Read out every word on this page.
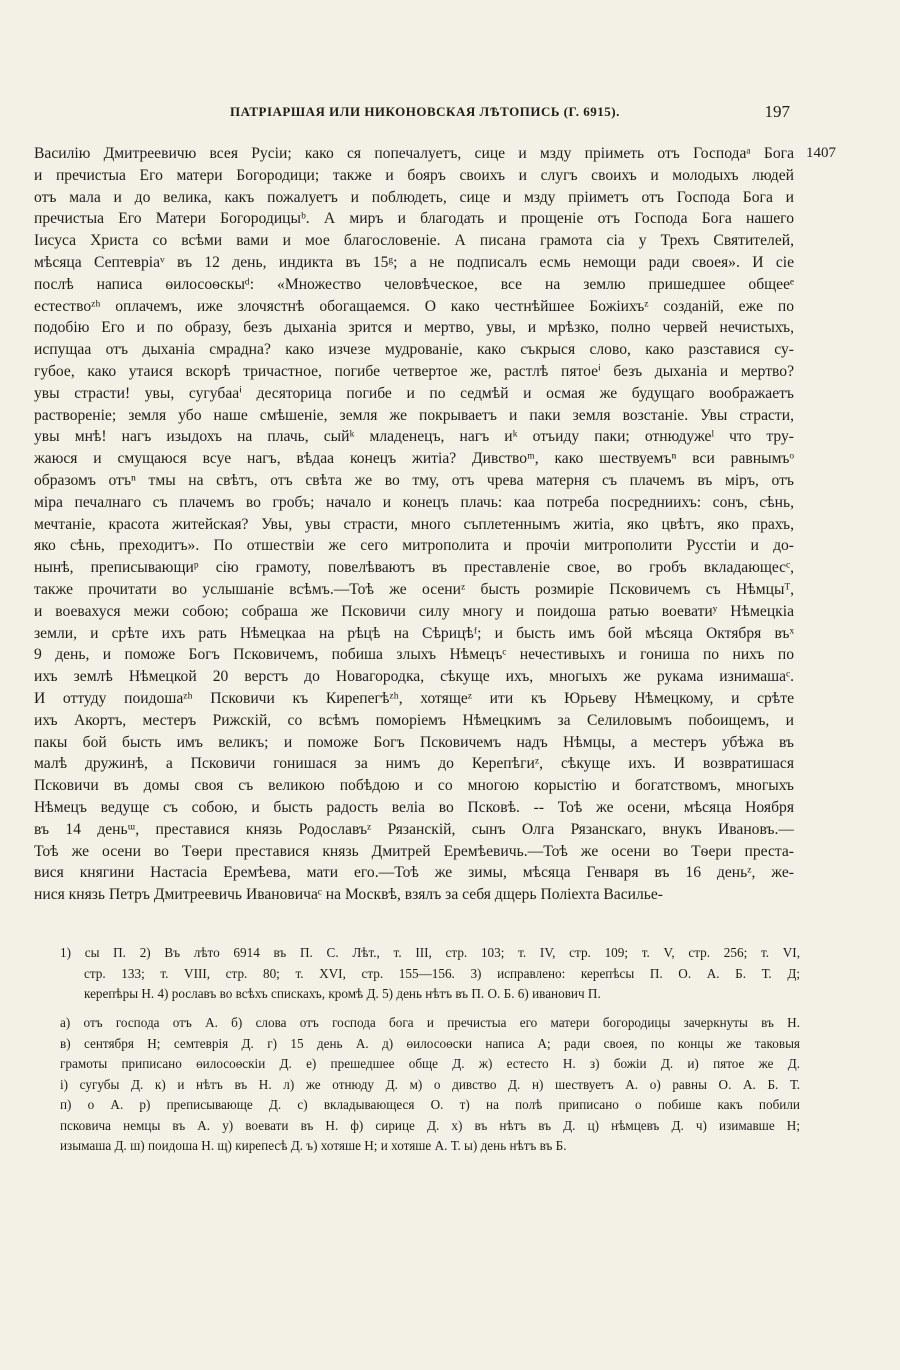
ПАТРІАРШАЯ ИЛИ НИКОНОВСКАЯ ЛѢТОПИСЬ (Г. 6915).	197
1407
Василію Дмитреевичю всея Русіи; како ся попечалуетъ, сице и мзду пріиметь отъ Господаᵃ Бога
и пречистыа Его матери Богородици; также и бояръ своихъ и слугъ своихъ и молодыхъ людей
отъ мала и до велика, какъ пожалуетъ и поблюдеть, сице и мзду пріиметъ отъ Господа Бога и
пречистыа Его Матери Богородицыᵇ. А миръ и благодать и прощеніе отъ Господа Бога нашего
Іисуса Христа со всѣми вами и мое благословеніе. А писана грамота сіа у Трехъ Святителей,
мѣсяца Септевріаᵛ въ 12 день, индикта въ 15ᵍ; а не подписалъ есмь немощи ради своея». И сіе
послѣ написа ѳилосоѳскыᵈ: «Множество человѣческое, все на землю пришедшее общееᵉ
естествоᶻʰ оплачемъ, иже злочястнѣ обогащаемся. О како честнѣйшее Божіихъᶻ созданій, еже по
подобію Его и по образу, безъ дыханіа зрится и мертво, увы, и мрѣзко, полно червей нечистыхъ,
испущаа отъ дыханіа смрадна? како изчезе мудрованіе, како съкрыся слово, како разставися су-
губое, како утаися вскорѣ тричастное, погибе четвертое же, растлѣ пятоеⁱ безъ дыханіа и мертво?
увы страсти! увы, сугубааⁱ десяторица погибе и по седмѣй и осмая же будущаго воображаетъ
раствореніе; земля убо наше смѣшеніе, земля же покрываетъ и паки земля возстаніе. Увы страсти,
увы мнѣ! нагъ изыдохъ на плачь, сыйᵏ младенецъ, нагъ иᵏ отъиду паки; отнюдужеˡ что тру-
жаюся и смущаюся всуе нагъ, вѣдаа конецъ житіа? Дивствоᵐ, како шествуемъⁿ вси равнымъᵒ
образомъ отъⁿ тмы на свѣтъ, отъ свѣта же во тму, отъ чрева матерня съ плачемъ въ міръ, отъ
міра печалнаго съ плачемъ во гробъ; начало и конецъ плачь: каа потреба посредниихъ: сонъ, сѣнь,
мечтаніе, красота житейская? Увы, увы страсти, много съплетеннымъ житіа, яко цвѣтъ, яко прахъ,
яко сѣнь, преходитъ». По отшествіи же сего митрополита и прочіи митрополити Русстіи и до-
нынѣ, преписывающиᵖ сію грамоту, повелѣваютъ въ преставленіе свое, во гробъ вкладающесᶜ,
также прочитати во услышаніе всѣмъ.—Тоѣ же осениᶻ бысть розмиріе Псковичемъ съ Нѣмцыᵀ,
и воевахуся межи собою; собраша же Псковичи силу многу и поидоша ратью воеватиʸ Нѣмецкіа
земли, и срѣте ихъ рать Нѣмецкаа на рѣцѣ на Сѣрицѣᶠ; и бысть имъ бой мѣсяца Октября въˣ
9 день, и поможе Богъ Псковичемъ, побиша злыхъ Нѣмецъᶜ нечестивыхъ и гониша по нихъ по
ихъ землѣ Нѣмецкой 20 верстъ до Новагородка, сѣкуще ихъ, многыхъ же рукама изнимашаᶜ.
И оттуду поидошаᶻʰ Псковичи къ Кирепегѣᶻʰ, хотящеᶻ ити къ Юрьеву Нѣмецкому, и срѣте
ихъ Акортъ, местеръ Рижскій, со всѣмъ поморіемъ Нѣмецкимъ за Селиловымъ побоищемъ, и
пакы бой бысть имъ великъ; и поможе Богъ Псковичемъ надъ Нѣмцы, а местеръ убѣжа въ
малѣ дружинѣ, а Псковичи гонишася за нимъ до Керепѣгиᶻ, сѣкуще ихъ. И возвратишася
Псковичи въ домы своя съ великою побѣдою и со многою корыстію и богатствомъ, многыхъ
Нѣмецъ ведуще съ собою, и бысть радость веліа во Псковѣ. -- Тоѣ же осени, мѣсяца Ноября
въ 14 деньᵚ, преставися князь Родославъᶻ Рязанскій, сынъ Олга Рязанскаго, внукъ Ивановъ.—
Тоѣ же осени во Тѳери преставися князь Дмитрей Еремѣевичь.—Тоѣ же осени во Тѳери преста-
вися княгини Настасіа Еремѣева, мати его.—Тоѣ же зимы, мѣсяца Генваря въ 16 деньᶻ, же-
нися князь Петръ Дмитреевичь Ивановичаᶜ на Москвѣ, взялъ за себя дщерь Поліехта Василье-
1) сы П. 2) Въ лѣто 6914 въ П. С. Лѣт., т. III, стр. 103; т. IV, стр. 109; т. V, стр. 256; т. VI,
стр. 133; т. VIII, стр. 80; т. XVI, стр. 155—156. 3) исправлено: керепѣсы П. О. А. Б. Т. Д;
керепѣры Н. 4) рославъ во всѣхъ спискахъ, кромѣ Д. 5) день нѣтъ въ П. О. Б. 6) иванович П.
а) отъ господа отъ А. б) слова отъ господа бога и пречистыа его матери богородицы зачеркнуты въ Н.
в) сентября Н; семтеврія Д. г) 15 день А. д) ѳилосоѳски написа А; ради своея, по концы же таковыя
грамоты приписано ѳилосоѳскіи Д. е) прешедшее обще Д. ж) естесто Н. з) божіи Д. и) пятое же Д.
і) сугубы Д. к) и нѣтъ въ Н. л) же отнюду Д. м) о дивство Д. н) шествуетъ А. о) равны О. А. Б. Т.
п) о А. р) преписывающе Д. с) вкладывающеся О. т) на полѣ приписано о побише какъ побили
псковича немцы въ А. у) воевати въ Н. ф) сирице Д. х) въ нѣтъ въ Д. ц) нѣмцевъ Д. ч) изимавше Н;
изымаша Д. ш) поидоша Н. щ) кирепесѣ Д. ъ) хотяше Н; и хотяше А. Т. ы) день нѣтъ въ Б.
